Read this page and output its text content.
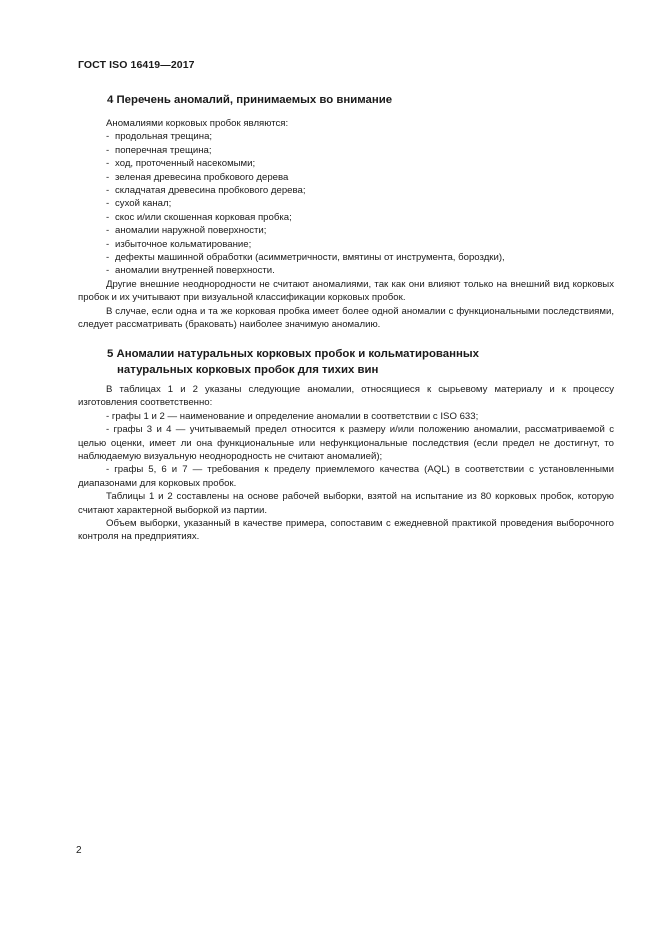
ГОСТ ISO 16419—2017
4 Перечень аномалий, принимаемых во внимание

Аномалиями корковых пробок являются:

- продольная трещина;
- поперечная трещина;
- ход, проточенный насекомыми;
- зеленая древесина пробкового дерева
- складчатая древесина пробкового дерева;
- сухой канал;
- скос и/или скошенная корковая пробка;
- аномалии наружной поверхности;
- избыточное кольматирование;
- дефекты машинной обработки (асимметричности, вмятины от инструмента, бороздки),
- аномалии внутренней поверхности.

Другие внешние неоднородности не считают аномалиями, так как они влияют только на внешний вид корковых пробок и их учитывают при визуальной классификации корковых пробок.

В случае, если одна и та же корковая пробка имеет более одной аномалии с функциональными последствиями, следует рассматривать (браковать) наиболее значимую аномалию.

5 Аномалии натуральных корковых пробок и кольматированных
натуральных корковых пробок для тихих вин

В таблицах 1 и 2 указаны следующие аномалии, относящиеся к сырьевому материалу и к процессу изготовления соответственно:

- графы 1 и 2 — наименование и определение аномалии в соответствии с ISO 633;

- графы 3 и 4 — учитываемый предел относится к размеру и/или положению аномалии, рассматриваемой с целью оценки, имеет ли она функциональные или нефункциональные последствия (если предел не достигнут, то наблюдаемую визуальную неоднородность не считают аномалией);

- графы 5, 6 и 7 — требования к пределу приемлемого качества (AQL) в соответствии с установленными диапазонами для корковых пробок.

Таблицы 1 и 2 составлены на основе рабочей выборки, взятой на испытание из 80 корковых пробок, которую считают характерной выборкой из партии.

Объем выборки, указанный в качестве примера, сопоставим с ежедневной практикой проведения выборочного контроля на предприятиях.

2
